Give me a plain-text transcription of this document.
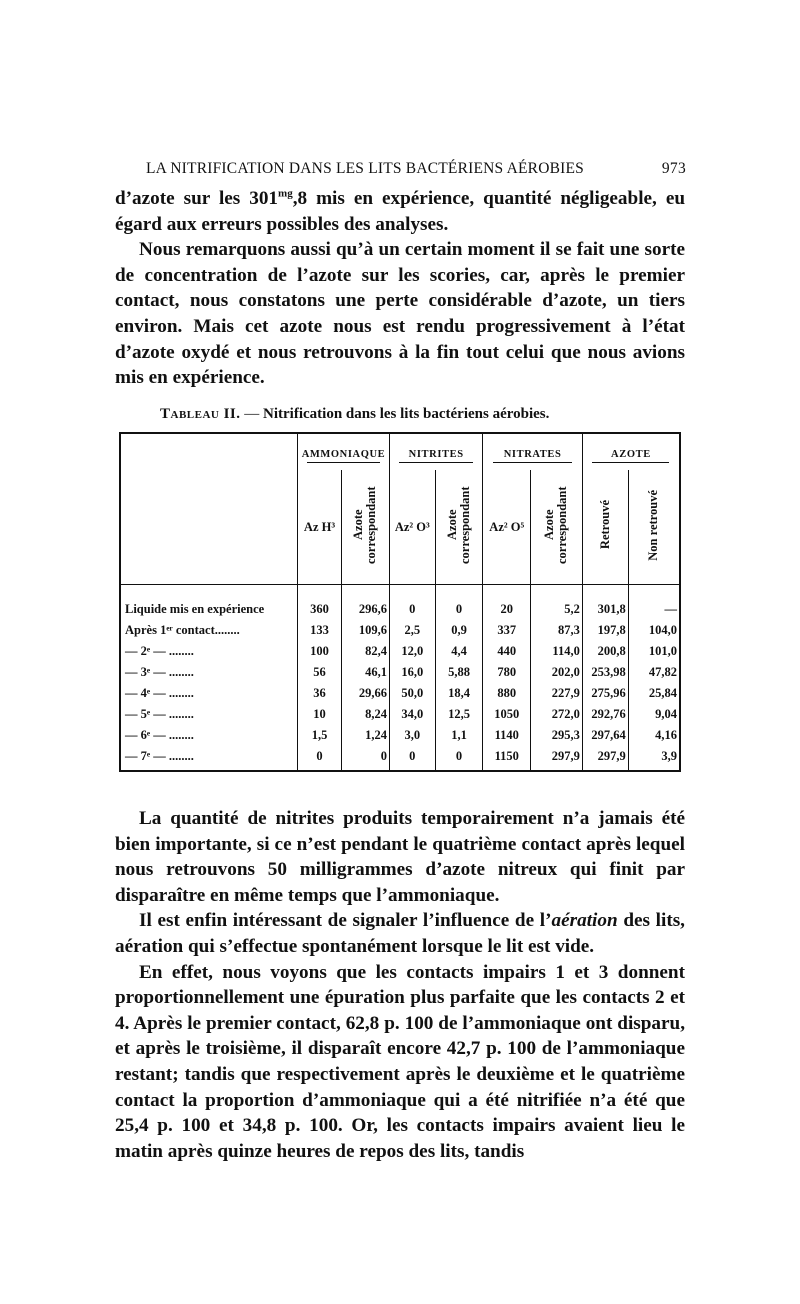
LA NITRIFICATION DANS LES LITS BACTÉRIENS AÉROBIES	973

d’azote sur les $301^{mg},8$ mis en expérience, quantité négligeable, eu égard aux erreurs possibles des analyses.

Nous remarquons aussi qu’à un certain moment il se fait une sorte de concentration de l’azote sur les scories, car, après le premier contact, nous constatons une perte considérable d’azote, un tiers environ. Mais cet azote nous est rendu progressivement à l’état d’azote oxydé et nous retrouvons à la fin tout celui que nous avions mis en expérience.

Tableau II. — Nitrification dans les lits bactériens aérobies.
	AMMONIAQUE		NITRITES		NITRATES		AZOTE	

	Az H³	Azote correspondant	Az² O³	Azote correspondant	Az² O⁵	Azote correspondant	Retrouvé	Non retrouvé

Liquide mis en expérience	360	296,6	0	0	20	5,2	301,8	—
Après 1ᵉʳ contact........	133	109,6	2,5	0,9	337	87,3	197,8	104,0
— 2ᵉ — ........	100	82,4	12,0	4,4	440	114,0	200,8	101,0
— 3ᵉ — ........	56	46,1	16,0	5,88	780	202,0	253,98	47,82
— 4ᵉ — ........	36	29,66	50,0	18,4	880	227,9	275,96	25,84
— 5ᵉ — ........	10	8,24	34,0	12,5	1050	272,0	292,76	9,04
— 6ᵉ — ........	1,5	1,24	3,0	1,1	1140	295,3	297,64	4,16
— 7ᵉ — ........	0	0	0	0	1150	297,9	297,9	3,9

La quantité de nitrites produits temporairement n’a jamais été bien importante, si ce n’est pendant le quatrième contact après lequel nous retrouvons 50 milligrammes d’azote nitreux qui finit par disparaître en même temps que l’ammoniaque.

Il est enfin intéressant de signaler l’influence de l’aération des lits, aération qui s’effectue spontanément lorsque le lit est vide.

En effet, nous voyons que les contacts impairs 1 et 3 donnent proportionnellement une épuration plus parfaite que les contacts 2 et 4. Après le premier contact, 62,8 p. 100 de l’ammoniaque ont disparu, et après le troisième, il disparaît encore 42,7 p. 100 de l’ammoniaque restant; tandis que respectivement après le deuxième et le quatrième contact la proportion d’ammoniaque qui a été nitrifiée n’a été que 25,4 p. 100 et 34,8 p. 100. Or, les contacts impairs avaient lieu le matin après quinze heures de repos des lits, tandis
